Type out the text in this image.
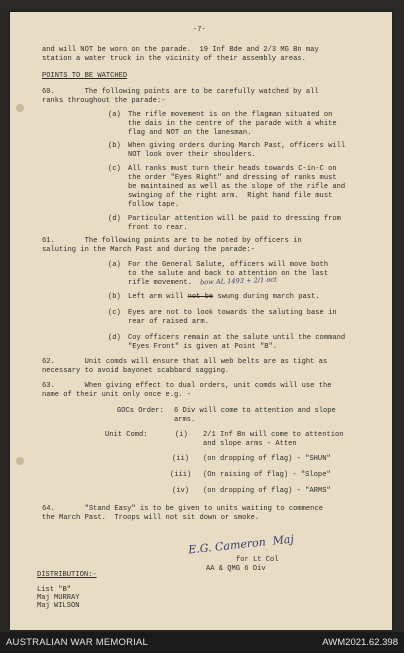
-7-
and will NOT be worn on the parade.  19 Inf Bde and 2/3 MG Bn may
station a water truck in the vicinity of their assembly areas.
POINTS TO BE WATCHED
60.       The following points are to be carefully watched by all
ranks throughout the parade:-
(a) The rifle movement is on the flagman situated on
the dais in the centre of the parade with a white
flag and NOT on the lanesman.
(b) When giving orders during March Past, officers will
NOT look over their shoulders.
(c) All ranks must turn their heads towards C-in-C on
the order "Eyes Right" and dressing of ranks must
be maintained as well as the slope of the rifle and
swinging of the right arm.  Right hand file must
follow tape.
(d) Particular attention will be paid to dressing from
front to rear.
61.       The following points are to be noted by officers in
saluting in the March Past and during the parade:-
(a) For the General Salute, officers will move both
to the salute and back to attention on the last
rifle movement. bow AL 1493 + 2/1 oct
(b) Left arm will not be swung during march past.
(c) Eyes are not to look towards the saluting base in
rear of raised arm.
(d) Coy officers remain at the salute until the command
"Eyes Front" is given at Point "B".
62.       Unit comds will ensure that all web belts are as tight as
necessary to avoid bayonet scabbard sagging.
63.       When giving effect to dual orders, unit comds will use the
name of their unit only once e.g. -
GOCs Order: 6 Div will come to attention and slope
arms.
Unit Comd:	(i) 2/1 Inf Bn will come to attention
and slope arms - Atten
(ii) (on dropping of flag) - "SHUN"
(iii) (On raising of flag) - "Slope"
(iv) (on dropping of flag) - "ARMS"
64.       "Stand Easy" is to be given to units waiting to commence
the March Past.  Troops will not sit down or smoke.
E.G. Cameron  Maj
for Lt Col
AA & QMG 6 Div
DISTRIBUTION:-
List "B"
Maj MURRAY
Maj WILSON
AUSTRALIAN WAR MEMORIAL	AWM2021.62.398
